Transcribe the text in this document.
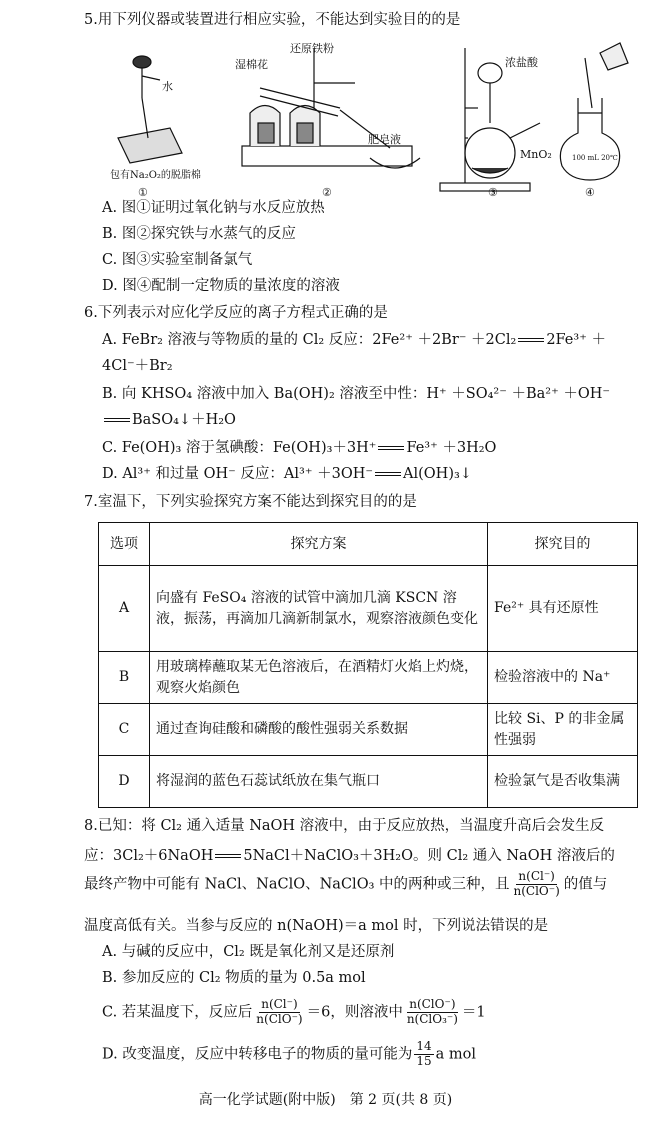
5.用下列仪器或装置进行相应实验，不能达到实验目的的是
水
包有Na₂O₂的脱脂棉
①
湿棉花
还原铁粉
肥皂液
②
浓盐酸
MnO₂
③
100 mL 20℃
④
A. 图①证明过氧化钠与水反应放热
B. 图②探究铁与水蒸气的反应
C. 图③实验室制备氯气
D. 图④配制一定物质的量浓度的溶液
6.下列表示对应化学反应的离子方程式正确的是
A. FeBr₂ 溶液与等物质的量的 Cl₂ 反应：2Fe²⁺ ＋2Br⁻ ＋2Cl₂ 2Fe³⁺ ＋
4Cl⁻＋Br₂
B. 向 KHSO₄ 溶液中加入 Ba(OH)₂ 溶液至中性：H⁺ ＋SO₄²⁻ ＋Ba²⁺ ＋OH⁻
BaSO₄↓＋H₂O
C. Fe(OH)₃ 溶于氢碘酸：Fe(OH)₃＋3H⁺ Fe³⁺ ＋3H₂O
D. Al³⁺ 和过量 OH⁻ 反应：Al³⁺ ＋3OH⁻ Al(OH)₃↓
7.室温下，下列实验探究方案不能达到探究目的的是
选项	探究方案	探究目的
A	向盛有 FeSO₄ 溶液的试管中滴加几滴 KSCN 溶液，振荡，再滴加几滴新制氯水，观察溶液颜色变化	Fe²⁺ 具有还原性
B	用玻璃棒蘸取某无色溶液后，在酒精灯火焰上灼烧，观察火焰颜色	检验溶液中的 Na⁺
C	通过查询硅酸和磷酸的酸性强弱关系数据	比较 Si、P 的非金属性强弱
D	将湿润的蓝色石蕊试纸放在集气瓶口	检验氯气是否收集满
8.已知：将 Cl₂ 通入适量 NaOH 溶液中，由于反应放热，当温度升高后会发生反
应：3Cl₂＋6NaOH 5NaCl＋NaClO₃＋3H₂O。则 Cl₂ 通入 NaOH 溶液后的
最终产物中可能有 NaCl、NaClO、NaClO₃ 中的两种或三种，且 $\frac{n(Cl^-)}{\text{n(ClO⁻)}}$ 的值与
温度高低有关。当参与反应的 n(NaOH)＝a mol 时，下列说法错误的是
A. 与碱的反应中，Cl₂ 既是氧化剂又是还原剂
B. 参加反应的 Cl₂ 物质的量为 0.5a mol
C. 若某温度下，反应后 $\frac{n(Cl^-)}{\text{n(ClO⁻)}} =6$，则溶液中 $\frac{\text{n(ClO⁻)}}{\text{n(ClO₃⁻)}} =1$
D. 改变温度，反应中转移电子的物质的量可能为 $\frac{14}{15}$ a mol
高一化学试题(附中版)　第 2 页(共 8 页)
